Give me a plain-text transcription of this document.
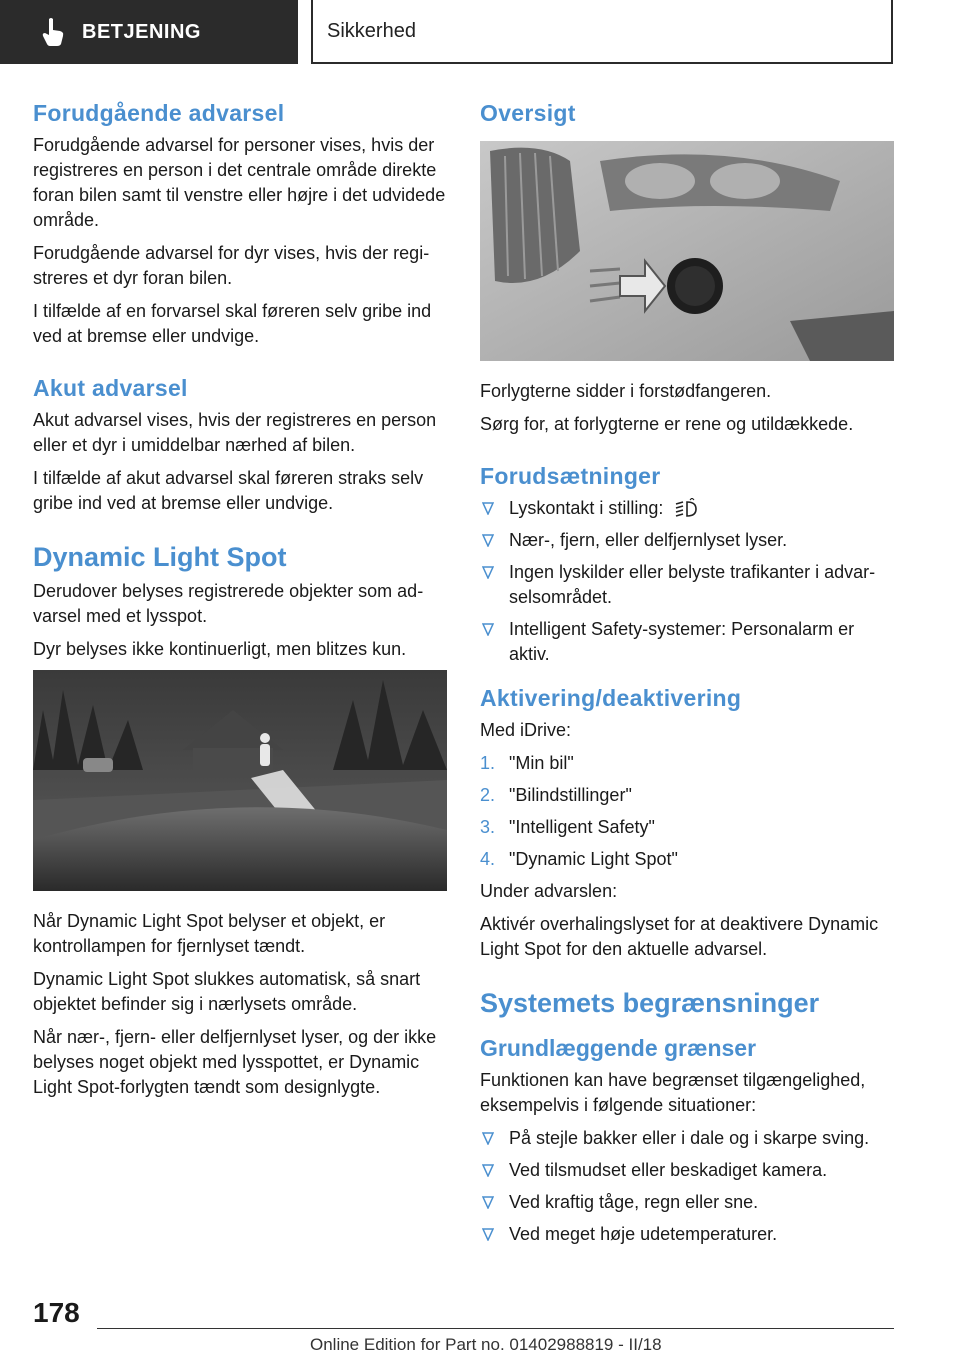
BETJENING	Sikkerhed
Forudgående advarsel

Forudgående advarsel for personer vises, hvis der registreres en person i det centrale område direkte foran bilen samt til venstre eller højre i det udvidede område.

Forudgående advarsel for dyr vises, hvis der registreres et dyr foran bilen.

I tilfælde af en forvarsel skal føreren selv gribe ind ved at bremse eller undvige.

Akut advarsel

Akut advarsel vises, hvis der registreres en person eller et dyr i umiddelbar nærhed af bilen.

I tilfælde af akut advarsel skal føreren straks selv gribe ind ved at bremse eller undvige.

Dynamic Light Spot

Derudover belyses registrerede objekter som advarsel med et lysspot.

Dyr belyses ikke kontinuerligt, men blitzes kun.

Når Dynamic Light Spot belyser et objekt, er kontrollampen for fjernlyset tændt.

Dynamic Light Spot slukkes automatisk, så snart objektet befinder sig i nærlysets område.

Når nær-, fjern- eller delfjernlyset lyser, og der ikke belyses noget objekt med lysspottet, er Dynamic Light Spot-forlygten tændt som designlygte.

Oversigt

Forlygterne sidder i forstødfangeren.

Sørg for, at forlygterne er rene og utildækkede.

Forudsætninger
Lyskontakt i stilling:
Nær-, fjern, eller delfjernlyset lyser.
Ingen lyskilder eller belyste trafikanter i advarselsområdet.
Intelligent Safety-systemer: Personalarm er aktiv.
Aktivering/deaktivering

Med iDrive:

1. "Min bil"
2. "Bilindstillinger"
3. "Intelligent Safety"
4. "Dynamic Light Spot"

Under advarslen:

Aktivér overhalingslyset for at deaktivere Dynamic Light Spot for den aktuelle advarsel.

Systemets begrænsninger
Grundlæggende grænser

Funktionen kan have begrænset tilgængelighed, eksempelvis i følgende situationer:

På stejle bakker eller i dale og i skarpe sving.
Ved tilsmudset eller beskadiget kamera.
Ved kraftig tåge, regn eller sne.
Ved meget høje udetemperaturer.
178
Online Edition for Part no. 01402988819 - II/18
